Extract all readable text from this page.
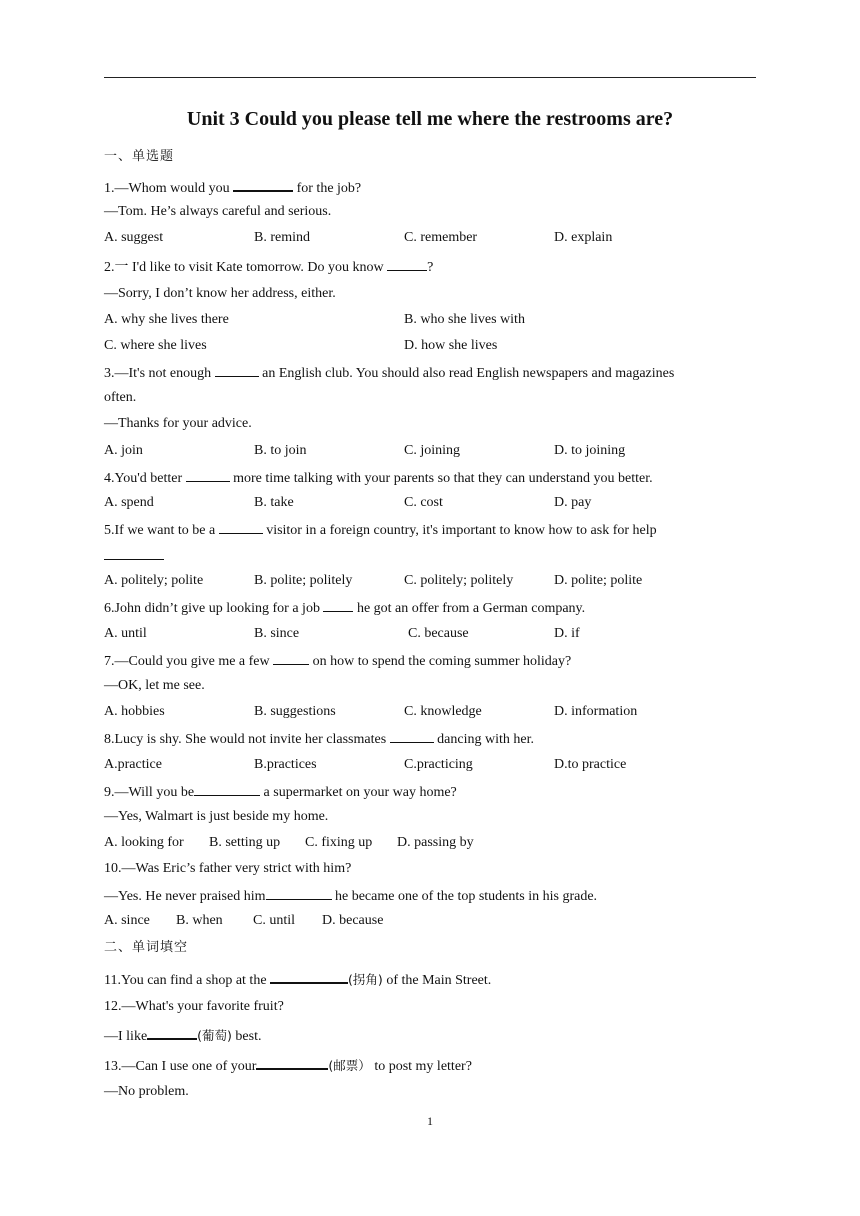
Unit 3 Could you please tell me where the restrooms are?
一、单选题
1.—Whom would you	for the job?
—Tom. He’s always careful and serious.
A. suggest	B. remind	C. remember	D. explain
2.一 I'd like to visit Kate tomorrow. Do you know	?
—Sorry, I don’t know her address, either.
A. why she lives there	B. who she lives with
C. where she lives	D. how she lives
3.—It's not enough	an English club. You should also read English newspapers and magazines
often.
—Thanks for your advice.
A. join	B. to join	C. joining	D. to joining
4.You'd better	more time talking with your parents so that they can understand you better.
A. spend	B. take	C. cost	D. pay
5.If we want to be a	visitor in a foreign country, it's important to know how to ask for help
A. politely; polite	B. polite; politely	C. politely; politely	D. polite; polite
6.John didn’t give up looking for a job	he got an offer from a German company.
A. until	B. since	C. because	D. if
7.—Could you give me a few	on how to spend the coming summer holiday?
—OK, let me see.
A. hobbies	B. suggestions	C. knowledge	D. information
8.Lucy is shy. She would not invite her classmates	dancing with her.
A.practice	B.practices	C.practicing	D.to practice
9.—Will you be	a supermarket on your way home?
—Yes, Walmart is just beside my home.
A. looking for B. setting up C. fixing up D. passing by
10.—Was Eric’s father very strict with him?
—Yes. He never praised him	he became one of the top students in his grade.
A. since B. when C. until D. because
二、单词填空
11.You can find a shop at the	(拐角) of the Main Street.
12.—What's your favorite fruit?
—I like	(葡萄) best.
13.—Can I use one of your	(邮票） to post my letter?
—No problem.
1
